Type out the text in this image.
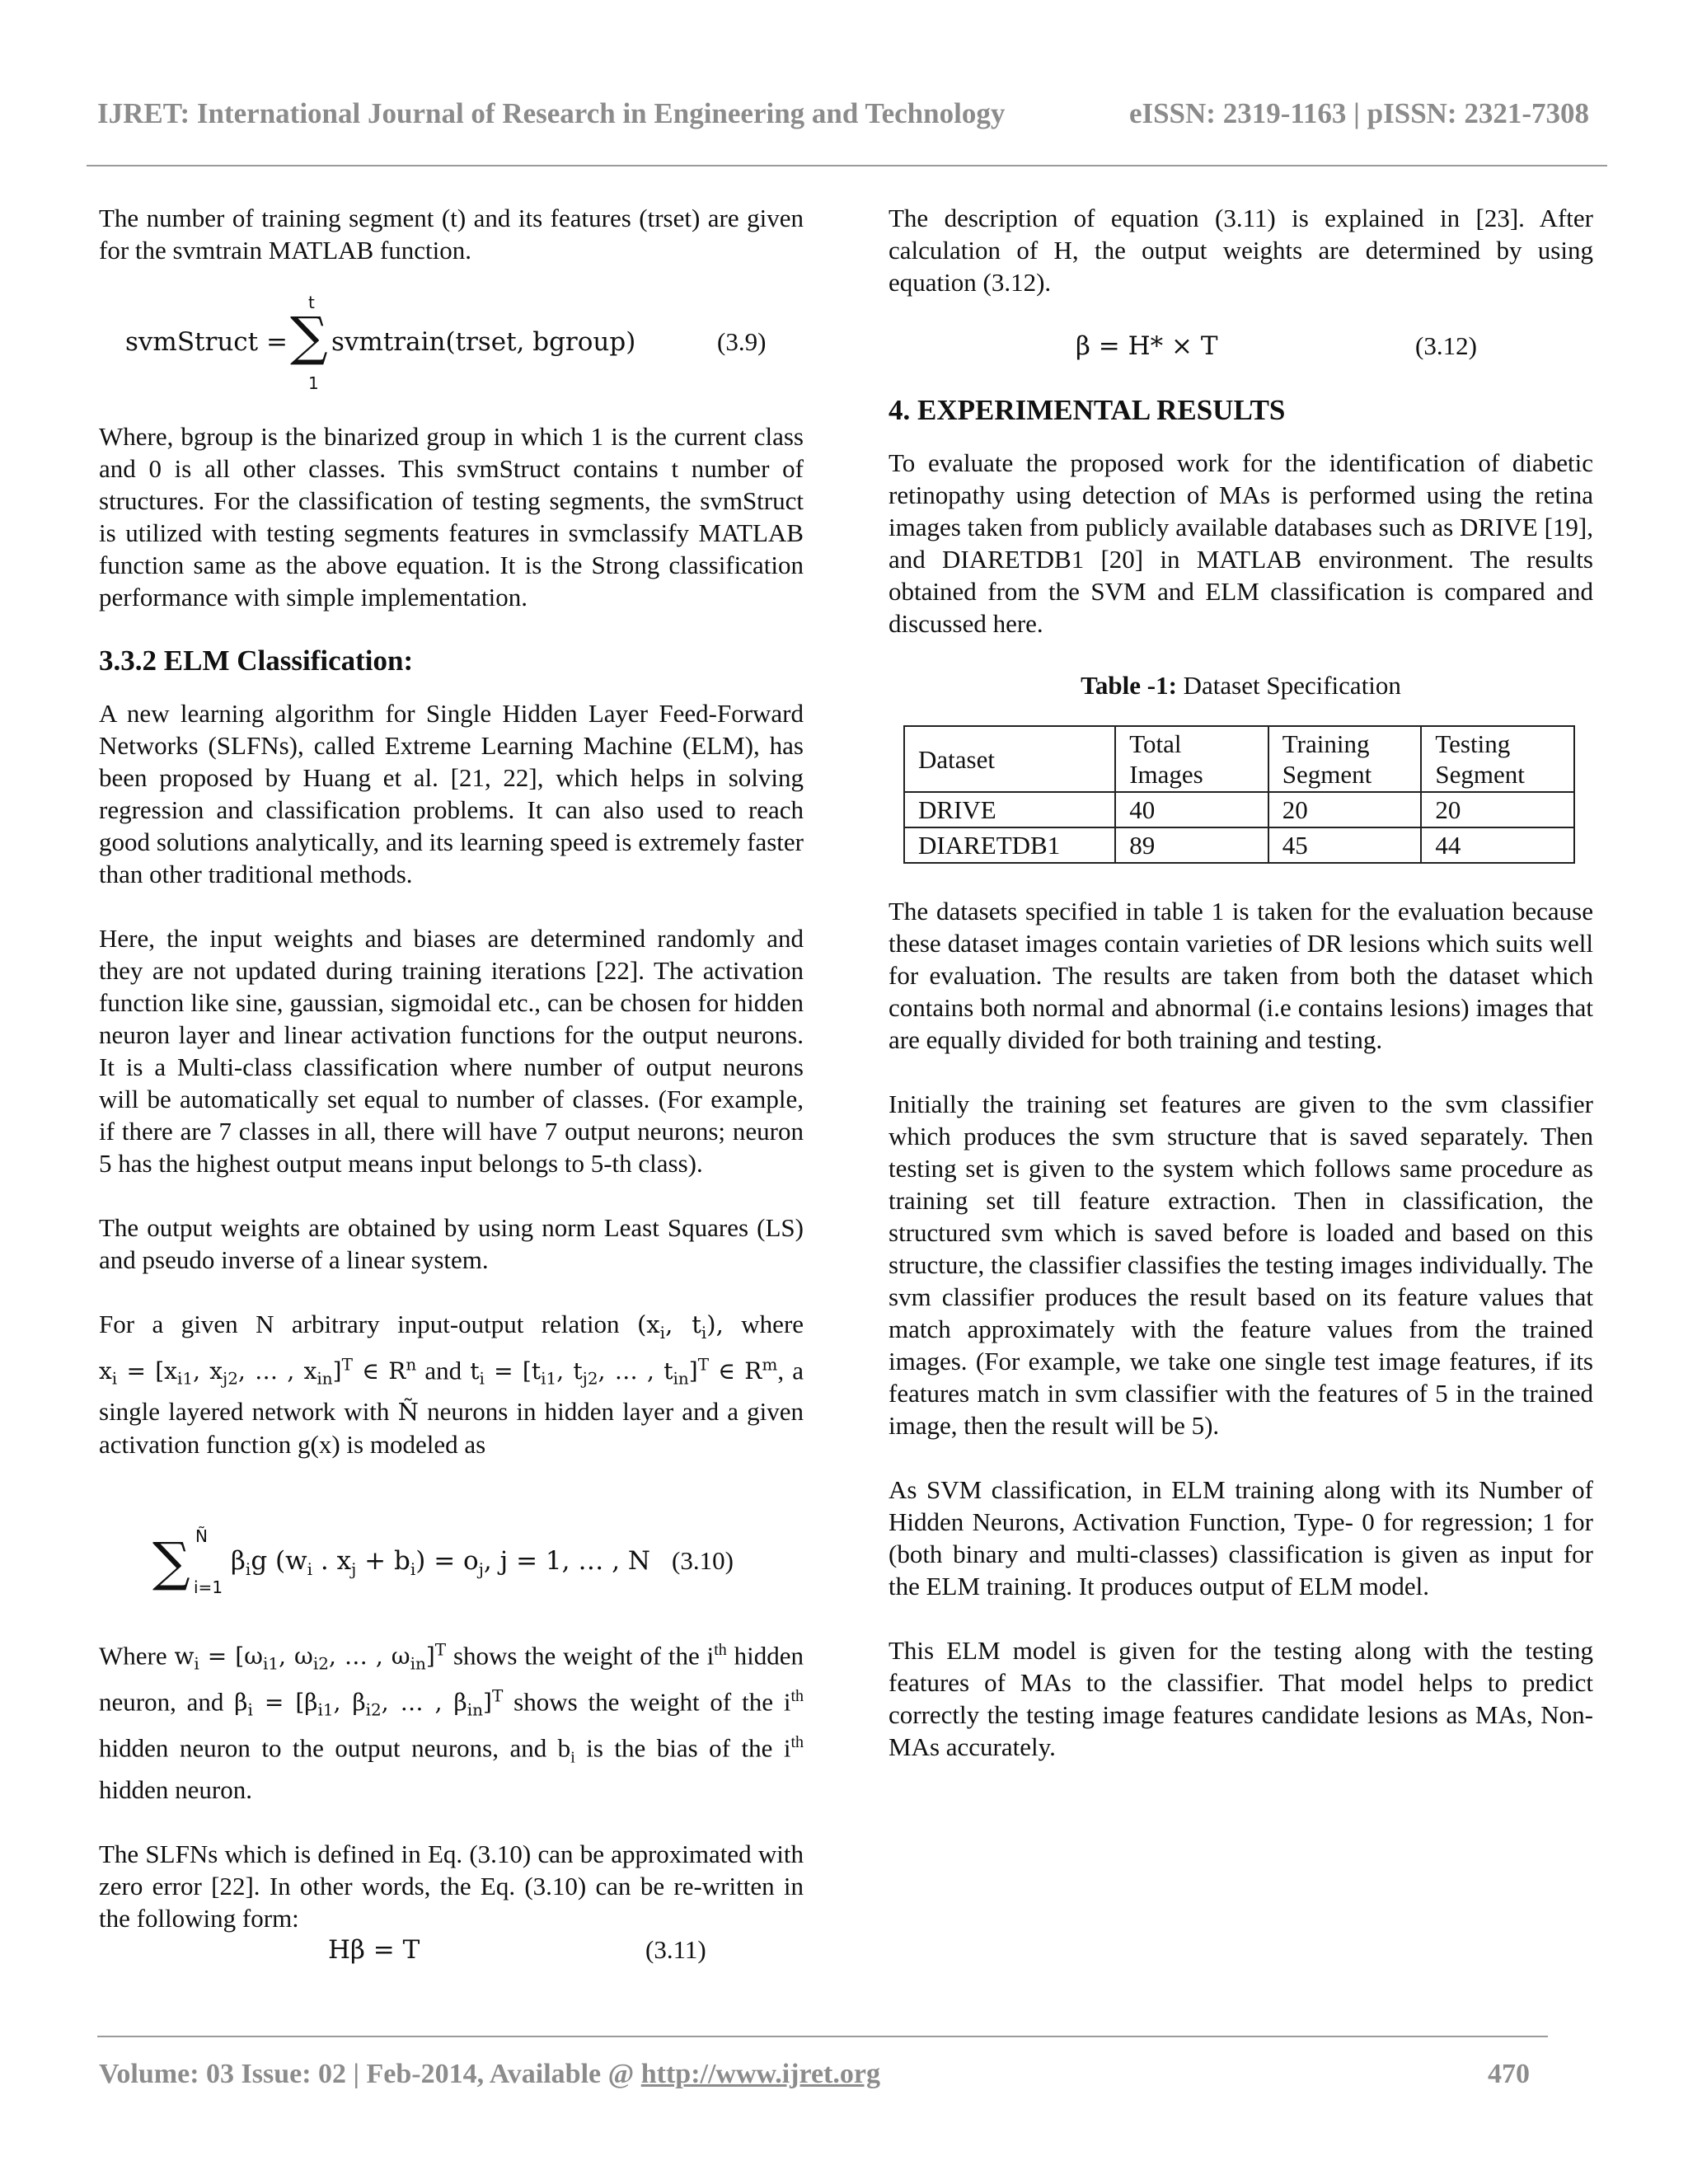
IJRET: International Journal of Research in Engineering and Technology	eISSN: 2319-1163 | pISSN: 2321-7308

The number of training segment (t) and its features (trset) are given for the svmtrain MATLAB function.

svmStruct =
t
∑
1
svmtrain(trset, bgroup)	(3.9)

Where, bgroup is the binarized group in which 1 is the current class and 0 is all other classes. This svmStruct contains t number of structures. For the classification of testing segments, the svmStruct is utilized with testing segments features in svmclassify MATLAB function same as the above equation. It is the Strong classification performance with simple implementation.

3.3.2 ELM Classification:

A new learning algorithm for Single Hidden Layer Feed-Forward Networks (SLFNs), called Extreme Learning Machine (ELM), has been proposed by Huang et al. [21, 22], which helps in solving regression and classification problems. It can also used to reach good solutions analytically, and its learning speed is extremely faster than other traditional methods.

Here, the input weights and biases are determined randomly and they are not updated during training iterations [22]. The activation function like sine, gaussian, sigmoidal etc., can be chosen for hidden neuron layer and linear activation functions for the output neurons. It is a Multi-class classification where number of output neurons will be automatically set equal to number of classes. (For example, if there are 7 classes in all, there will have 7 output neurons; neuron 5 has the highest output means input belongs to 5-th class).

The output weights are obtained by using norm Least Squares (LS) and pseudo inverse of a linear system.

For a given N arbitrary input-output relation ($x_i$, $t_i$), where $x_i = [x_{i1}$, $x_{j2}$, … , $x_{in}]^T$ ∈ $R^n$ and $t_i = [t_{i1}$, $t_{j2}$, … , $t_{in}]^T$ ∈ $R^m$, a single layered network with Ñ neurons in hidden layer and a given activation function g(x) is modeled as

∑ Ñ
i=1
$\beta_ig$ ($w_i$ . $x_j + b_i) = o_j$, j = 1, … , N (3.10)

Where $w_i = [\omega_{i1}$, $\omega_{i2}$, … , $\omega_{in}]^T$ shows the weight of the $i^{th}$ hidden neuron, and $\beta_i = [\beta_{i1}$, $\beta_{i2}$, … , $\beta_{in}]^T$ shows the weight of the $i^{th}$ hidden neuron to the output neurons, and $b_i$ is the bias of the $i^{th}$ hidden neuron.

The SLFNs which is defined in Eq. (3.10) can be approximated with zero error [22]. In other words, the Eq. (3.10) can be re-written in the following form:

Hβ = T	(3.11)

The description of equation (3.11) is explained in [23]. After calculation of H, the output weights are determined by using equation (3.12).

β = H* × T	(3.12)

4. EXPERIMENTAL RESULTS

To evaluate the proposed work for the identification of diabetic retinopathy using detection of MAs is performed using the retina images taken from publicly available databases such as DRIVE [19], and DIARETDB1 [20] in MATLAB environment. The results obtained from the SVM and ELM classification is compared and discussed here.

Table -1: Dataset Specification

Dataset	Total Images	Training Segment	Testing Segment
DRIVE	40	20	20
DIARETDB1	89	45	44

The datasets specified in table 1 is taken for the evaluation because these dataset images contain varieties of DR lesions which suits well for evaluation. The results are taken from both the dataset which contains both normal and abnormal (i.e contains lesions) images that are equally divided for both training and testing.

Initially the training set features are given to the svm classifier which produces the svm structure that is saved separately. Then testing set is given to the system which follows same procedure as training set till feature extraction. Then in classification, the structured svm which is saved before is loaded and based on this structure, the classifier classifies the testing images individually. The svm classifier produces the result based on its feature values that match approximately with the feature values from the trained images. (For example, we take one single test image features, if its features match in svm classifier with the features of 5 in the trained image, then the result will be 5).

As SVM classification, in ELM training along with its Number of Hidden Neurons, Activation Function, Type- 0 for regression; 1 for (both binary and multi-classes) classification is given as input for the ELM training. It produces output of ELM model.

This ELM model is given for the testing along with the testing features of MAs to the classifier. That model helps to predict correctly the testing image features candidate lesions as MAs, Non-MAs accurately.

Volume: 03 Issue: 02 | Feb-2014, Available @ http://www.ijret.org	470
